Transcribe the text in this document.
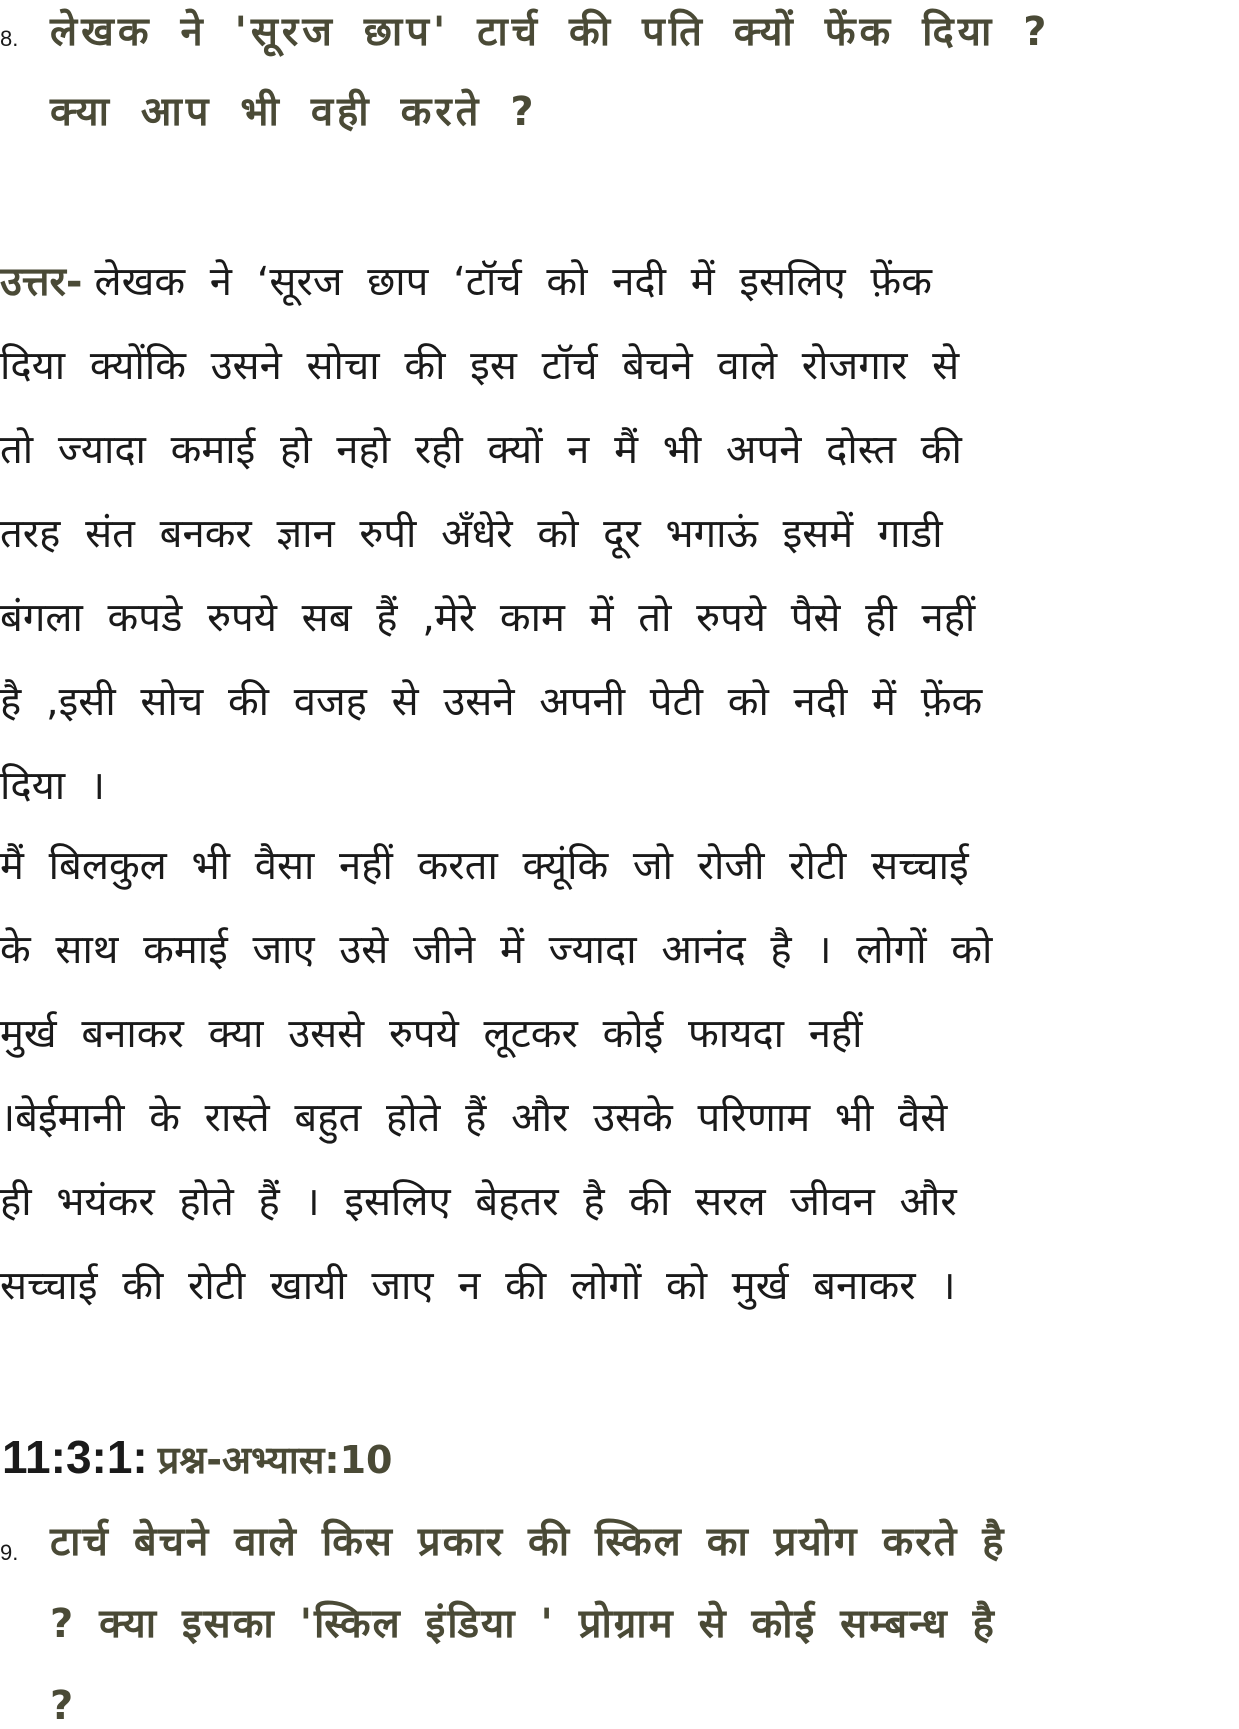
8. लेखक ने 'सूरज छाप' टार्च की पति क्यों फेंक दिया ?
क्या आप भी वही करते ?
उत्तर- लेखक ने ‘सूरज छाप ‘टॉर्च को नदी में इसलिए फ़ेंक
दिया क्योंकि उसने सोचा की इस टॉर्च बेचने वाले रोजगार से
तो ज्यादा कमाई हो नहो रही क्यों न मैं भी अपने दोस्त की
तरह संत बनकर ज्ञान रुपी अँधेरे को दूर भगाऊं इसमें गाडी
बंगला कपडे रुपये सब हैं ,मेरे काम में तो रुपये पैसे ही नहीं
है ,इसी सोच की वजह से उसने अपनी पेटी को नदी में फ़ेंक
दिया ।
मैं बिलकुल भी वैसा नहीं करता क्यूंकि जो रोजी रोटी सच्चाई
के साथ कमाई जाए उसे जीने में ज्यादा आनंद है । लोगों को
मुर्ख बनाकर क्या उससे रुपये लूटकर कोई फायदा नहीं
।बेईमानी के रास्ते बहुत होते हैं और उसके परिणाम भी वैसे
ही भयंकर होते हैं । इसलिए बेहतर है की सरल जीवन और
सच्चाई की रोटी खायी जाए न की लोगों को मुर्ख बनाकर ।
11:3:1: प्रश्न-अभ्यास:10
9. टार्च बेचने वाले किस प्रकार की स्किल का प्रयोग करते है
? क्या इसका 'स्किल इंडिया ' प्रोग्राम से कोई सम्बन्ध है
?
